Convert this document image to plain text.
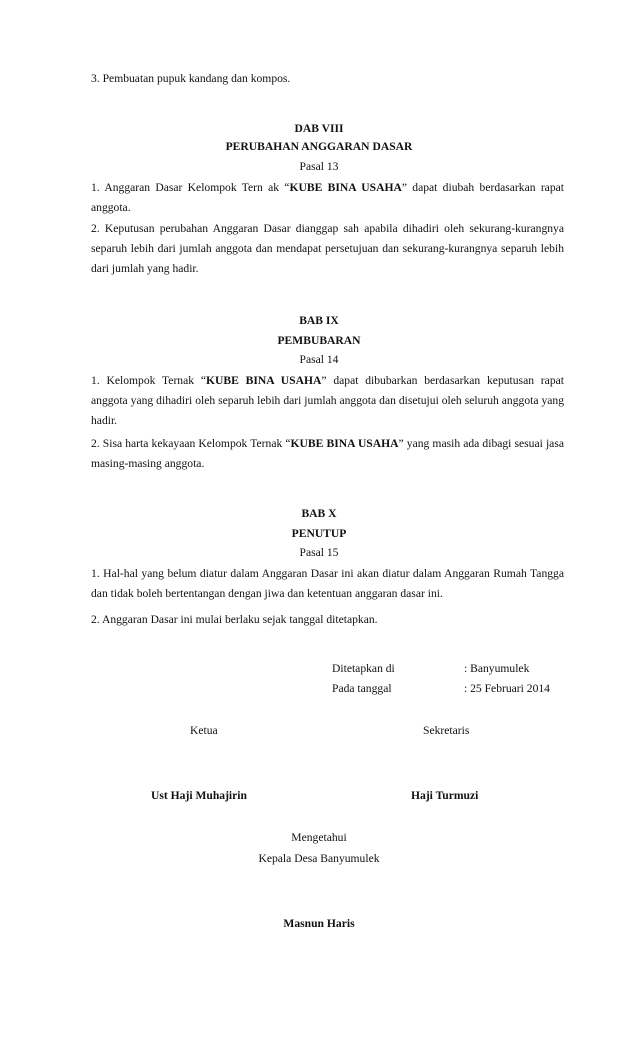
3. Pembuatan pupuk kandang dan kompos.
DAB VIII
PERUBAHAN ANGGARAN DASAR
Pasal 13
1. Anggaran Dasar Kelompok Tern ak “KUBE BINA USAHA” dapat diubah berdasarkan rapat anggota.
2. Keputusan perubahan Anggaran Dasar dianggap sah apabila dihadiri oleh sekurang-kurangnya separuh lebih dari jumlah anggota dan mendapat persetujuan dan sekurang-kurangnya separuh lebih dari jumlah yang hadir.
BAB IX
PEMBUBARAN
Pasal 14
1. Kelompok Ternak “KUBE BINA USAHA” dapat dibubarkan berdasarkan keputusan rapat anggota yang dihadiri oleh separuh lebih dari jumlah anggota dan disetujui oleh seluruh anggota yang hadir.
2. Sisa harta kekayaan Kelompok Ternak “KUBE BINA USAHA” yang masih ada dibagi sesuai jasa masing-masing anggota.
BAB X
PENUTUP
Pasal 15
1. Hal-hal yang belum diatur dalam Anggaran Dasar ini akan diatur dalam Anggaran Rumah Tangga dan tidak boleh bertentangan dengan jiwa dan ketentuan anggaran dasar ini.
2. Anggaran Dasar ini mulai berlaku sejak tanggal ditetapkan.
Ditetapkan di	: Banyumulek
Pada tanggal	: 25 Februari 2014
Ketua	Sekretaris
Ust Haji Muhajirin	Haji Turmuzi
Mengetahui
Kepala Desa Banyumulek
Masnun Haris
